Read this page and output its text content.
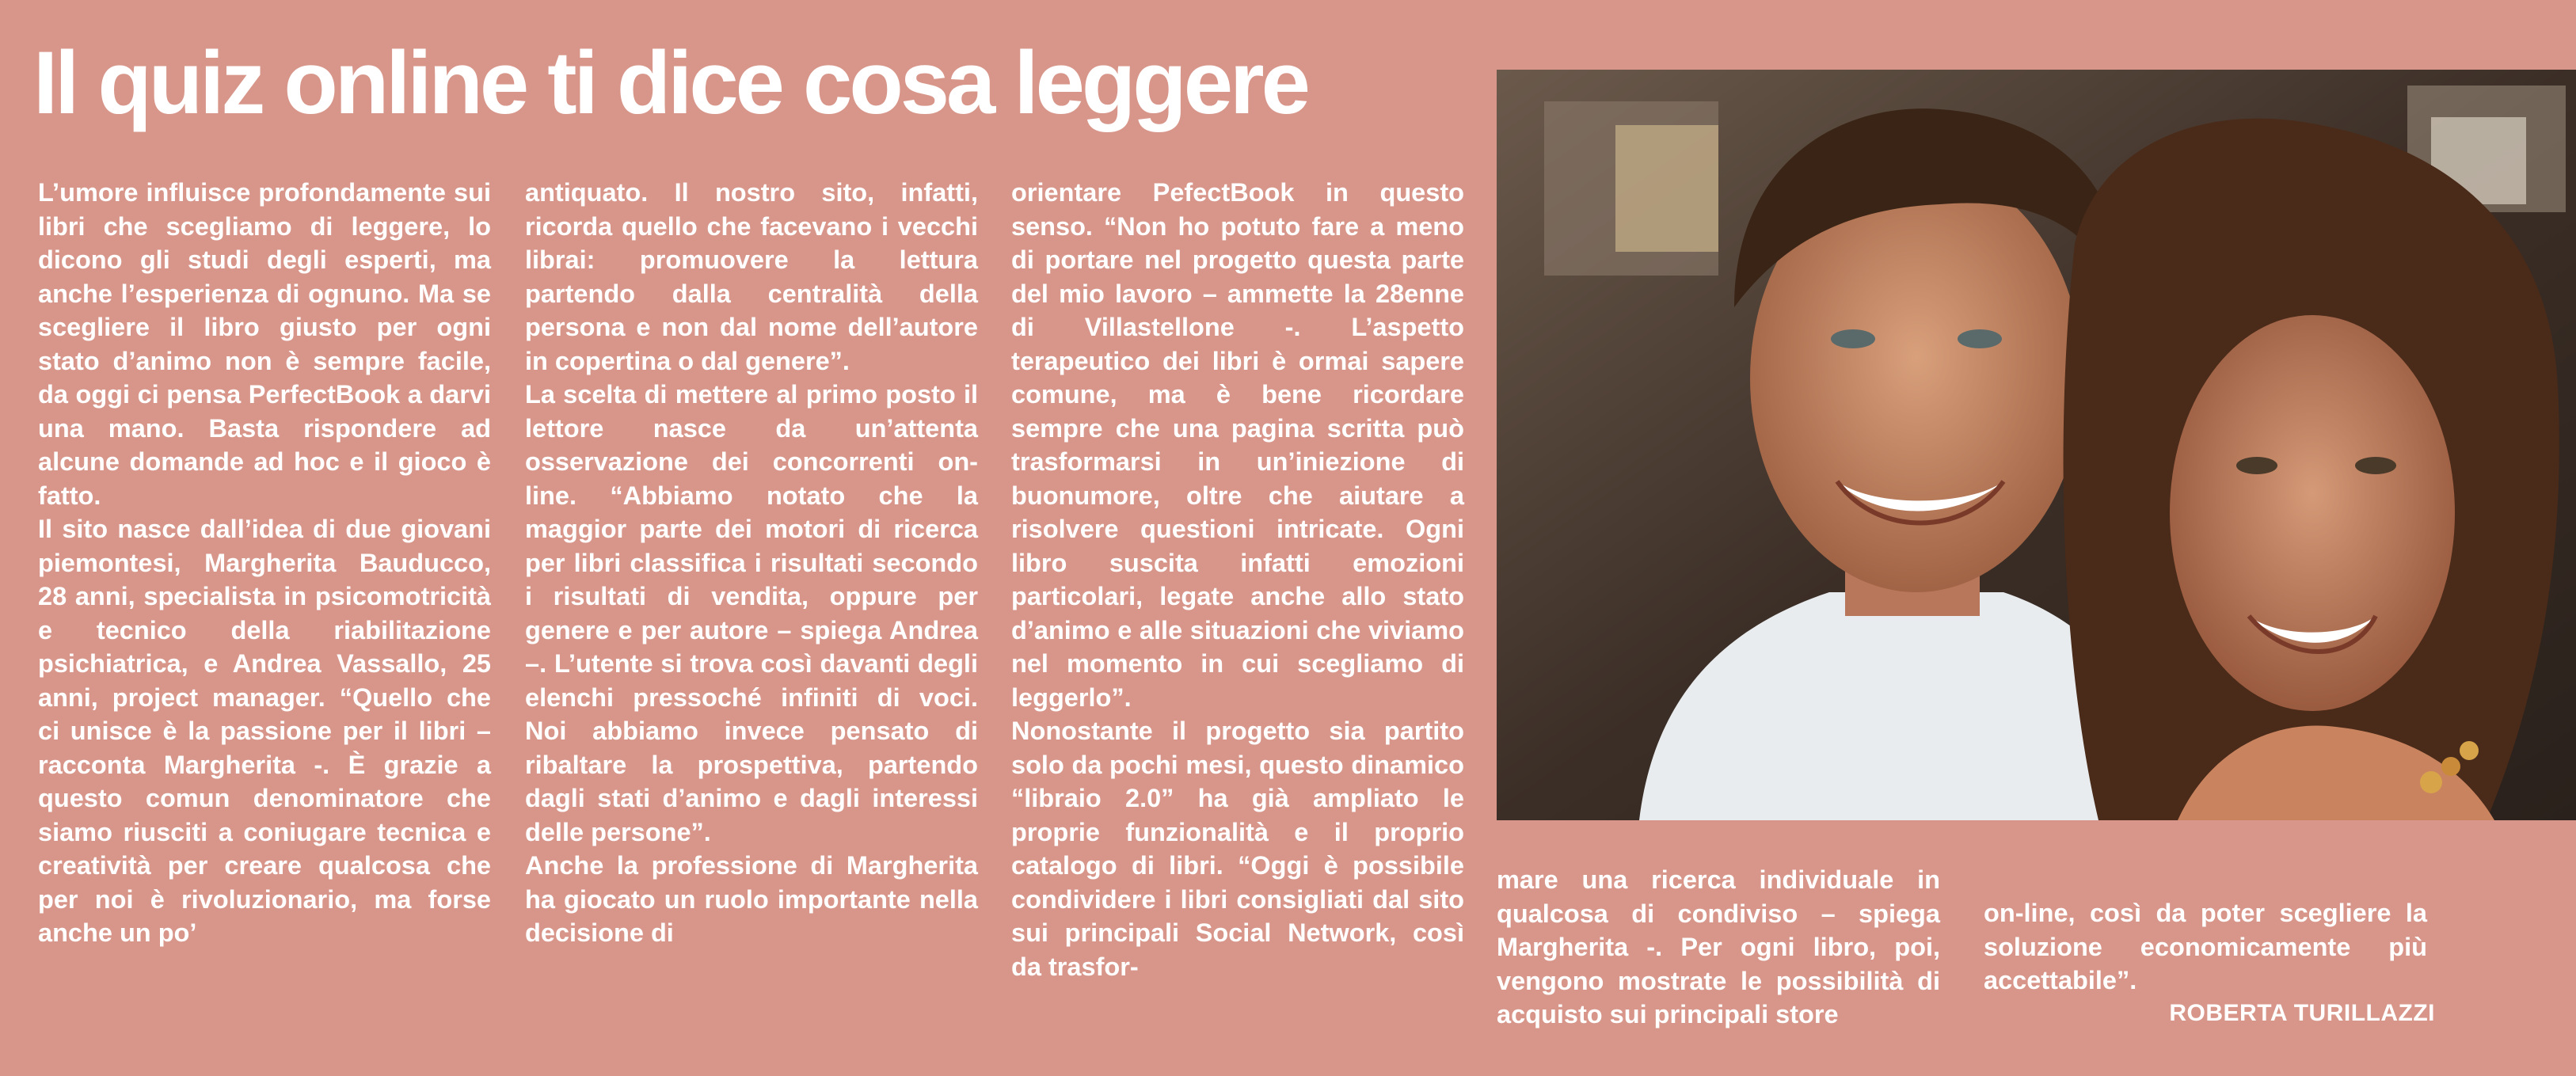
Il quiz online ti dice cosa leggere

L’umore influisce profondamente sui libri che scegliamo di leggere, lo dicono gli studi degli esperti, ma anche l’esperienza di ognuno. Ma se scegliere il libro giusto per ogni stato d’animo non è sempre facile, da oggi ci pensa PerfectBook a darvi una mano. Basta rispondere ad alcune domande ad hoc e il gioco è fatto.

Il sito nasce dall’idea di due giovani piemontesi, Margherita Bauducco, 28 anni, specialista in psicomotricità e tecnico della riabilitazione psichiatrica, e Andrea Vassallo, 25 anni, project manager. “Quello che ci unisce è la passione per il libri – racconta Margherita -. È grazie a questo comun denominatore che siamo riusciti a coniugare tecnica e creatività per creare qualcosa che per noi è rivoluzionario, ma forse anche un po’

antiquato. Il nostro sito, infatti, ricorda quello che facevano i vecchi librai: promuovere la lettura partendo dalla centralità della persona e non dal nome dell’autore in copertina o dal genere”.

La scelta di mettere al primo posto il lettore nasce da un’attenta osservazione dei concorrenti on-line. “Abbiamo notato che la maggior parte dei motori di ricerca per libri classifica i risultati secondo i risultati di vendita, oppure per genere e per autore – spiega Andrea –. L’utente si trova così davanti degli elenchi pressoché infiniti di voci. Noi abbiamo invece pensato di ribaltare la prospettiva, partendo dagli stati d’animo e dagli interessi delle persone”.

Anche la professione di Margherita ha giocato un ruolo importante nella decisione di

orientare PefectBook in questo senso. “Non ho potuto fare a meno di portare nel progetto questa parte del mio lavoro – ammette la 28enne di Villastellone -. L’aspetto terapeutico dei libri è ormai sapere comune, ma è bene ricordare sempre che una pagina scritta può trasformarsi in un’iniezione di buonumore, oltre che aiutare a risolvere questioni intricate. Ogni libro suscita infatti emozioni particolari, legate anche allo stato d’animo e alle situazioni che viviamo nel momento in cui scegliamo di leggerlo”.

Nonostante il progetto sia partito solo da pochi mesi, questo dinamico “libraio 2.0” ha già ampliato le proprie funzionalità e il proprio catalogo di libri. “Oggi è possibile condividere i libri consigliati dal sito sui principali Social Network, così da trasfor-

mare una ricerca individuale in qualcosa di condiviso – spiega Margherita -. Per ogni libro, poi, vengono mostrate le possibilità di acquisto sui principali store

on-line, così da poter scegliere la soluzione economicamente più accettabile”.

ROBERTA TURILLAZZI
